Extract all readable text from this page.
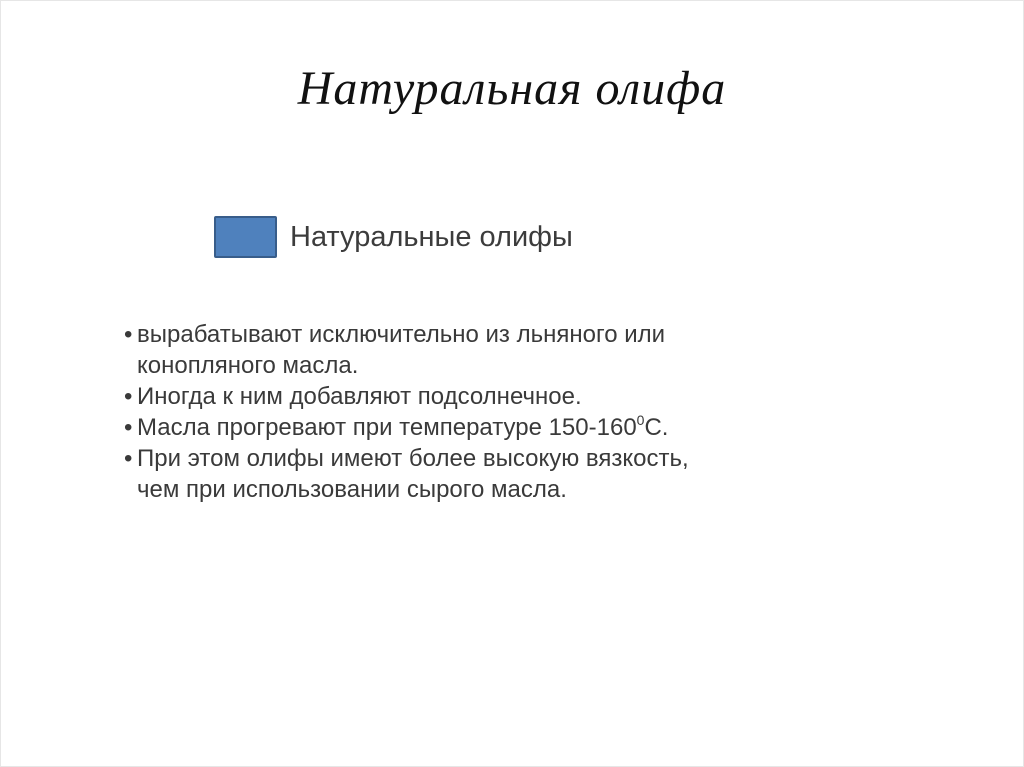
Натуральная олифа
Натуральные олифы
• вырабатывают исключительно из льняного или конопляного масла.
• Иногда к ним добавляют подсолнечное.
• Масла прогревают при температуре $150-160^0С$.
• При этом олифы имеют более высокую вязкость, чем при использовании сырого масла.
